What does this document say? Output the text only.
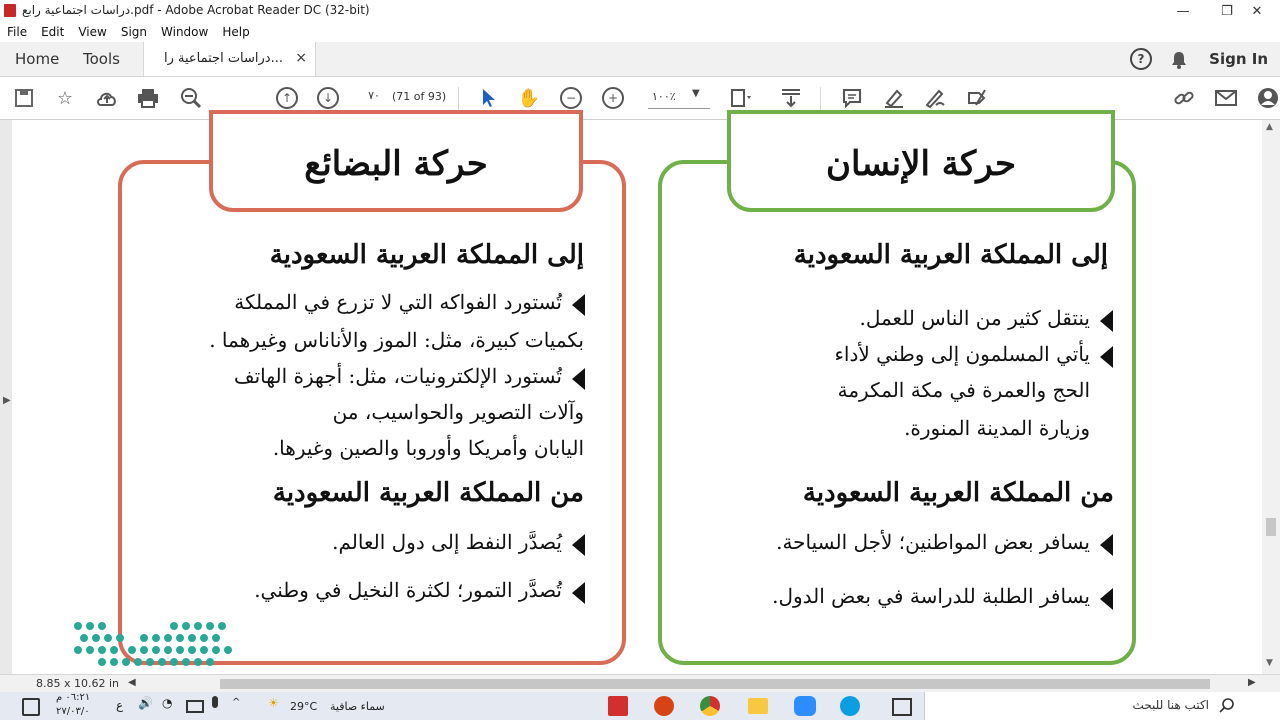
دراسات اجتماعية رابع.pdf - Adobe Acrobat Reader DC (32-bit)	—	❐	✕
File	Edit	View	Sign	Window	Help
Home Tools	دراسات اجتماعية را... ×	?	Sign In
☆	↑	↓	✋	−	+
٧٠	(71 of 93)	١٠٠٪ ▼
▶
حركة الإنسان
إلى المملكة العربية السعودية
ينتقل كثير من الناس للعمل.
يأتي المسلمون إلى وطني لأداء
الحج والعمرة في مكة المكرمة
وزيارة المدينة المنورة.
من المملكة العربية السعودية
يسافر بعض المواطنين؛ لأجل السياحة.
يسافر الطلبة للدراسة في بعض الدول.
حركة البضائع
إلى المملكة العربية السعودية
تُستورد الفواكه التي لا تزرع في المملكة
بكميات كبيرة، مثل: الموز والأناناس وغيرهما .
تُستورد الإلكترونيات، مثل: أجهزة الهاتف
وآلات التصوير والحواسيب، من
اليابان وأمريكا وأوروبا والصين وغيرها.
من المملكة العربية السعودية
يُصدَّر النفط إلى دول العالم.
تُصدَّر التمور؛ لكثرة النخيل في وطني.
▲
▼
8.85 x 10.62 in ◀	▶
٠٦:٢١ م
٢٧/٠٣/٠ ع 🔊 ◔	^ ☀ 29°C سماء صافية	اكتب هنا للبحث
